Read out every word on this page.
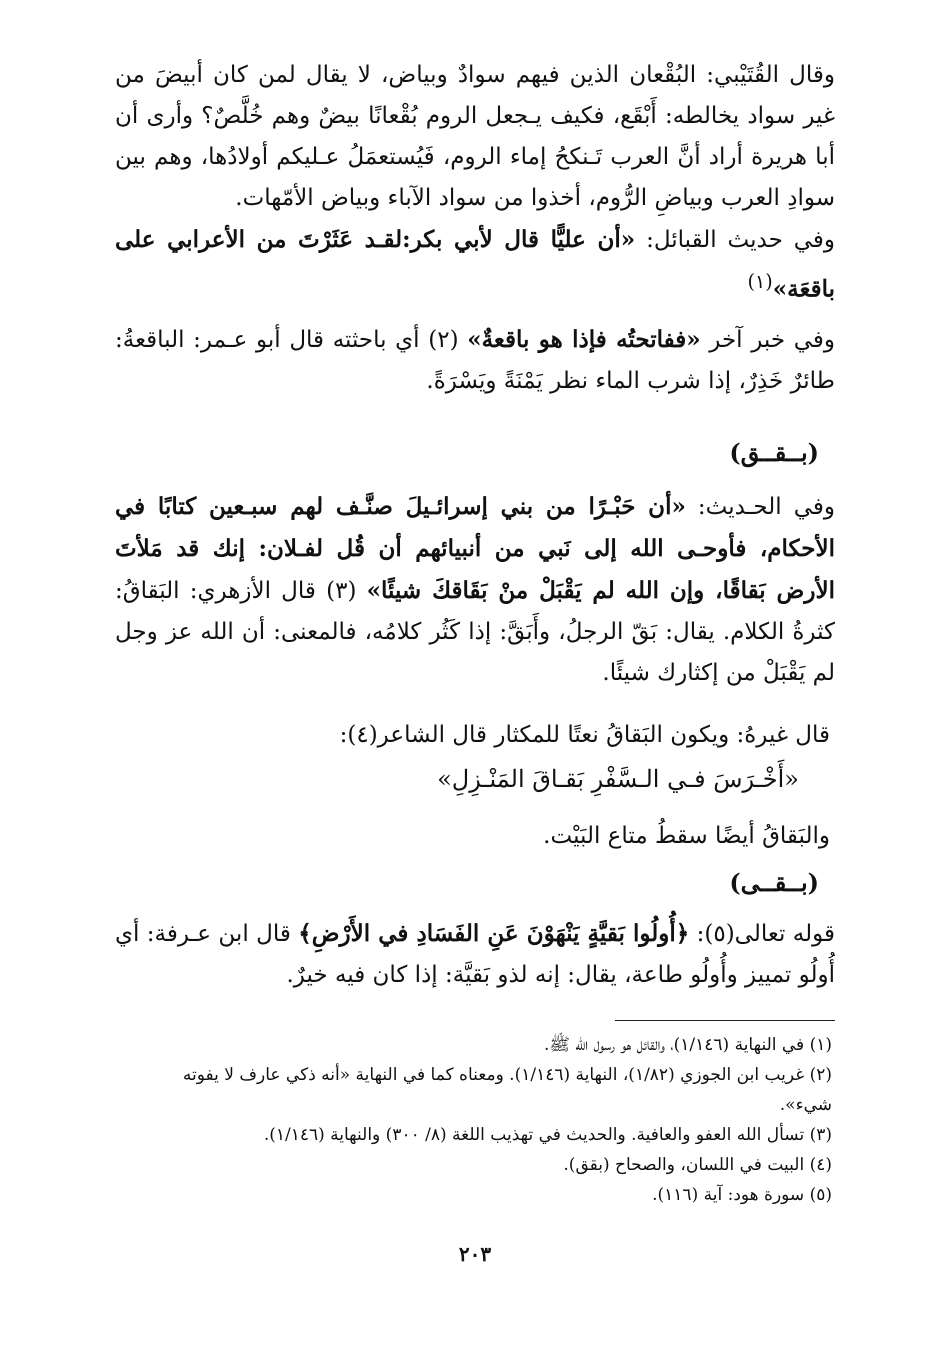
وقال القُتَيْبي: البُقْعان الذين فيهم سوادٌ وبياض، لا يقال لمن كان أبيضَ من غير سواد يخالطه: أَبْقَع، فكيف يـجعل الروم بُقْعانًا بيضٌ وهم خُلَّصٌ؟ وأرى أن أبا هريرة أراد أنَّ العرب تَـنكحُ إماء الروم، فَيُستعمَلُ عـليكم أولادُها، وهم بين سوادِ العرب وبياضِ الرُّوم، أخذوا من سواد الآباء وبياض الأمّهات.

وفي حديث القبائل: «أن عليًّا قال لأبي بكر:لقـد عَثَرْتَ من الأعرابي على باقعَة»$^{(١)}$

وفي خبر آخر «ففاتحتُه فإذا هو باقعةٌ» (٢) أي باحثته قال أبو عـمر: الباقعةُ: طائرٌ خَذِرٌ، إذا شرب الماء نظر يَمْنَةً ويَسْرَةً.

(بــقــق)

وفي الحـديث: «أن حَبْـرًا من بني إسرائـيلَ صنَّـف لهم سبـعين كتابًا في الأحكام، فأوحـى الله إلى نَبي من أنبيائهم أن قُل لفـلان: إنك قد مَلأتَ الأرض بَقاقًا، وإن الله لم يَقْبَلْ منْ بَقَاقكَ شيئًا» (٣) قال الأزهري: البَقاقُ: كثرةُ الكلام. يقال: بَقّ الرجلُ، وأَبَقَّ: إذا كَثُر كلامُه، فالمعنى: أن الله عز وجل لم يَقْبَلْ من إكثارك شيئًا.

قال غيرهُ: ويكون البَقاقُ نعتًا للمكثار قال الشاعر(٤):

«أَخْـرَسَ فـي الـسَّفْرِ بَقـاقَ المَنْـزِلِ»

والبَقاقُ أيضًا سقطُ متاع البَيْت.

(بــقــى)

قوله تعالى(٥): ﴿أُولُوا بَقيَّةٍ يَنْهَوْنَ عَنِ الفَسَادِ في الأَرْضِ﴾ قال ابن عـرفة: أي أُولُو تمييز وأُولُو طاعة، يقال: إنه لذو بَقيَّة: إذا كان فيه خيرٌ.

(١) في النهاية (١/١٤٦)، والقائل هو رسول الله ﷺ.

(٢) غريب ابن الجوزي (١/٨٢)، النهاية (١/١٤٦). ومعناه كما في النهاية «أنه ذكي عارف لا يفوته شيء».

(٣) تسأل الله العفو والعافية. والحديث في تهذيب اللغة (٨/ ٣٠٠) والنهاية (١/١٤٦).

(٤) البيت في اللسان، والصحاح (بقق).

(٥) سورة هود: آية (١١٦).

٢٠٣
